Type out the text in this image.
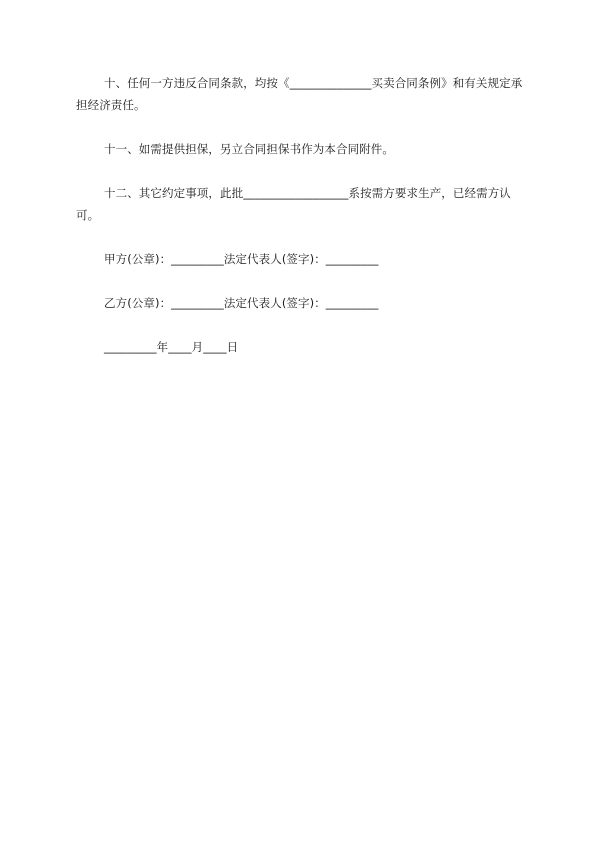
十、任何一方违反合同条款，均按《______________买卖合同条例》和有关规定承担经济责任。

十一、如需提供担保，另立合同担保书作为本合同附件。

十二、其它约定事项，此批__________________系按需方要求生产，已经需方认可。

甲方(公章)：_________法定代表人(签字)：_________

乙方(公章)：_________法定代表人(签字)：_________

_________年____月____日
